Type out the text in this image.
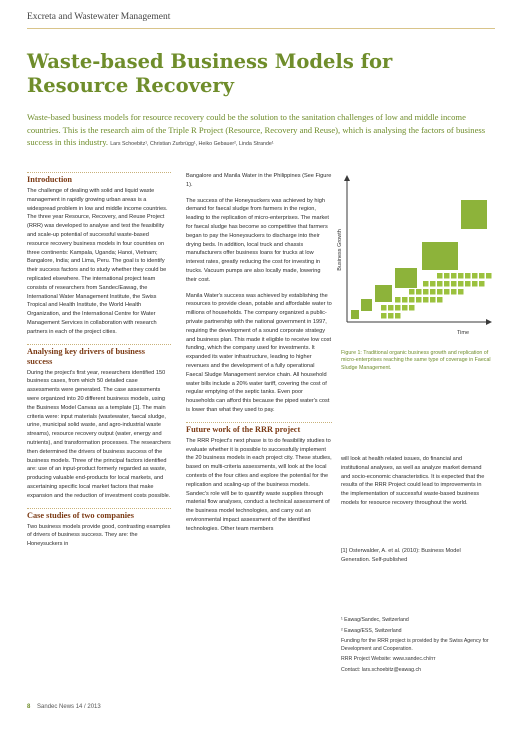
Excreta and Wastewater Management
Waste-based Business Models for Resource Recovery

Waste-based business models for resource recovery could be the solution to the sanitation challenges of low and middle income countries. This is the research aim of the Triple R Project (Resource, Recovery and Reuse), which is analysing the factors of business success in this industry. Lars Schoebitz¹, Christian Zurbrügg¹, Heiko Gebauer², Linda Strande¹

Introduction

The challenge of dealing with solid and liquid waste management in rapidly growing urban areas is a widespread problem in low and middle income countries. The three year Resource, Recovery, and Reuse Project (RRR) was developed to analyse and test the feasibility and scale-up potential of successful waste-based resource recovery business models in four countries on three continents: Kampala, Uganda; Hanoi, Vietnam; Bangalore, India; and Lima, Peru. The goal is to identify their success factors and to study whether they could be replicated elsewhere. The international project team consists of researchers from Sandec/Eawag, the International Water Management Institute, the Swiss Tropical and Health Institute, the World Health Organization, and the International Centre for Water Management Services in collaboration with research partners in each of the project cities.

Analysing key drivers of business success

During the project's first year, researchers identified 150 business cases, from which 50 detailed case assessments were generated. The case assessments were organized into 20 different business models, using the Business Model Canvas as a template [1]. The main criteria were: input materials (wastewater, faecal sludge, urine, municipal solid waste, and agro-industrial waste streams), resource recovery output (water, energy and nutrients), and transformation processes. The researchers then determined the drivers of business success of the business models. Three of the principal factors identified are: use of an input-product formerly regarded as waste, producing valuable end-products for local markets, and ascertaining specific local market factors that make expansion and the reduction of investment costs possible.

Case studies of two companies

Two business models provide good, contrasting examples of drivers of business success. They are: the Honeysuckers in

Bangalore and Manila Water in the Philippines (See Figure 1).

The success of the Honeysuckers was achieved by high demand for faecal sludge from farmers in the region, leading to the replication of micro-enterprises. The market for faecal sludge has become so competitive that farmers began to pay the Honeysuckers to discharge into their drying beds. In addition, local truck and chassis manufacturers offer business loans for trucks at low interest rates, greatly reducing the cost for investing in trucks. Vacuum pumps are also locally made, lowering their cost.

Manila Water's success was achieved by establishing the resources to provide clean, potable and affordable water to millions of households. The company organized a public-private partnership with the national government in 1997, requiring the development of a sound corporate strategy and business plan. This made it eligible to receive low cost funding, which the company used for investments. It expanded its water infrastructure, leading to higher revenues and the development of a fully operational Faecal Sludge Management service chain. All household water bills include a 20% water tariff, covering the cost of regular emptying of the septic tanks. Even poor households can afford this because the piped water's cost is lower than what they used to pay.

Future work of the RRR project

The RRR Project's next phase is to do feasibility studies to evaluate whether it is possible to successfully implement the 20 business models in each project city. These studies, based on multi-criteria assessments, will look at the local contexts of the four cities and explore the potential for the replication and scaling-up of the business models. Sandec's role will be to quantify waste supplies through material flow analyses, conduct a technical assessment of the business model technologies, and carry out an environmental impact assessment of the identified technologies. Other team members

Business Growth
Time

Figure 1: Traditional organic business growth and replication of micro-enterprises reaching the same type of coverage in Faecal Sludge Management.

will look at health related issues, do financial and institutional analyses, as well as analyze market demand and socio-economic characteristics. It is expected that the results of the RRR Project could lead to improvements in the implementation of successful waste-based business models for resource recovery throughout the world.

[1] Osterwalder, A. et al. (2010): Business Model Generation. Self-published

¹ Eawag/Sandec, Switzerland

² Eawag/ESS, Switzerland

Funding for the RRR project is provided by the Swiss Agency for Development and Cooperation.

RRR Project Website: www.sandec.ch/rrr

Contact: lars.schoebitz@eawag.ch

8 Sandec News 14 / 2013
